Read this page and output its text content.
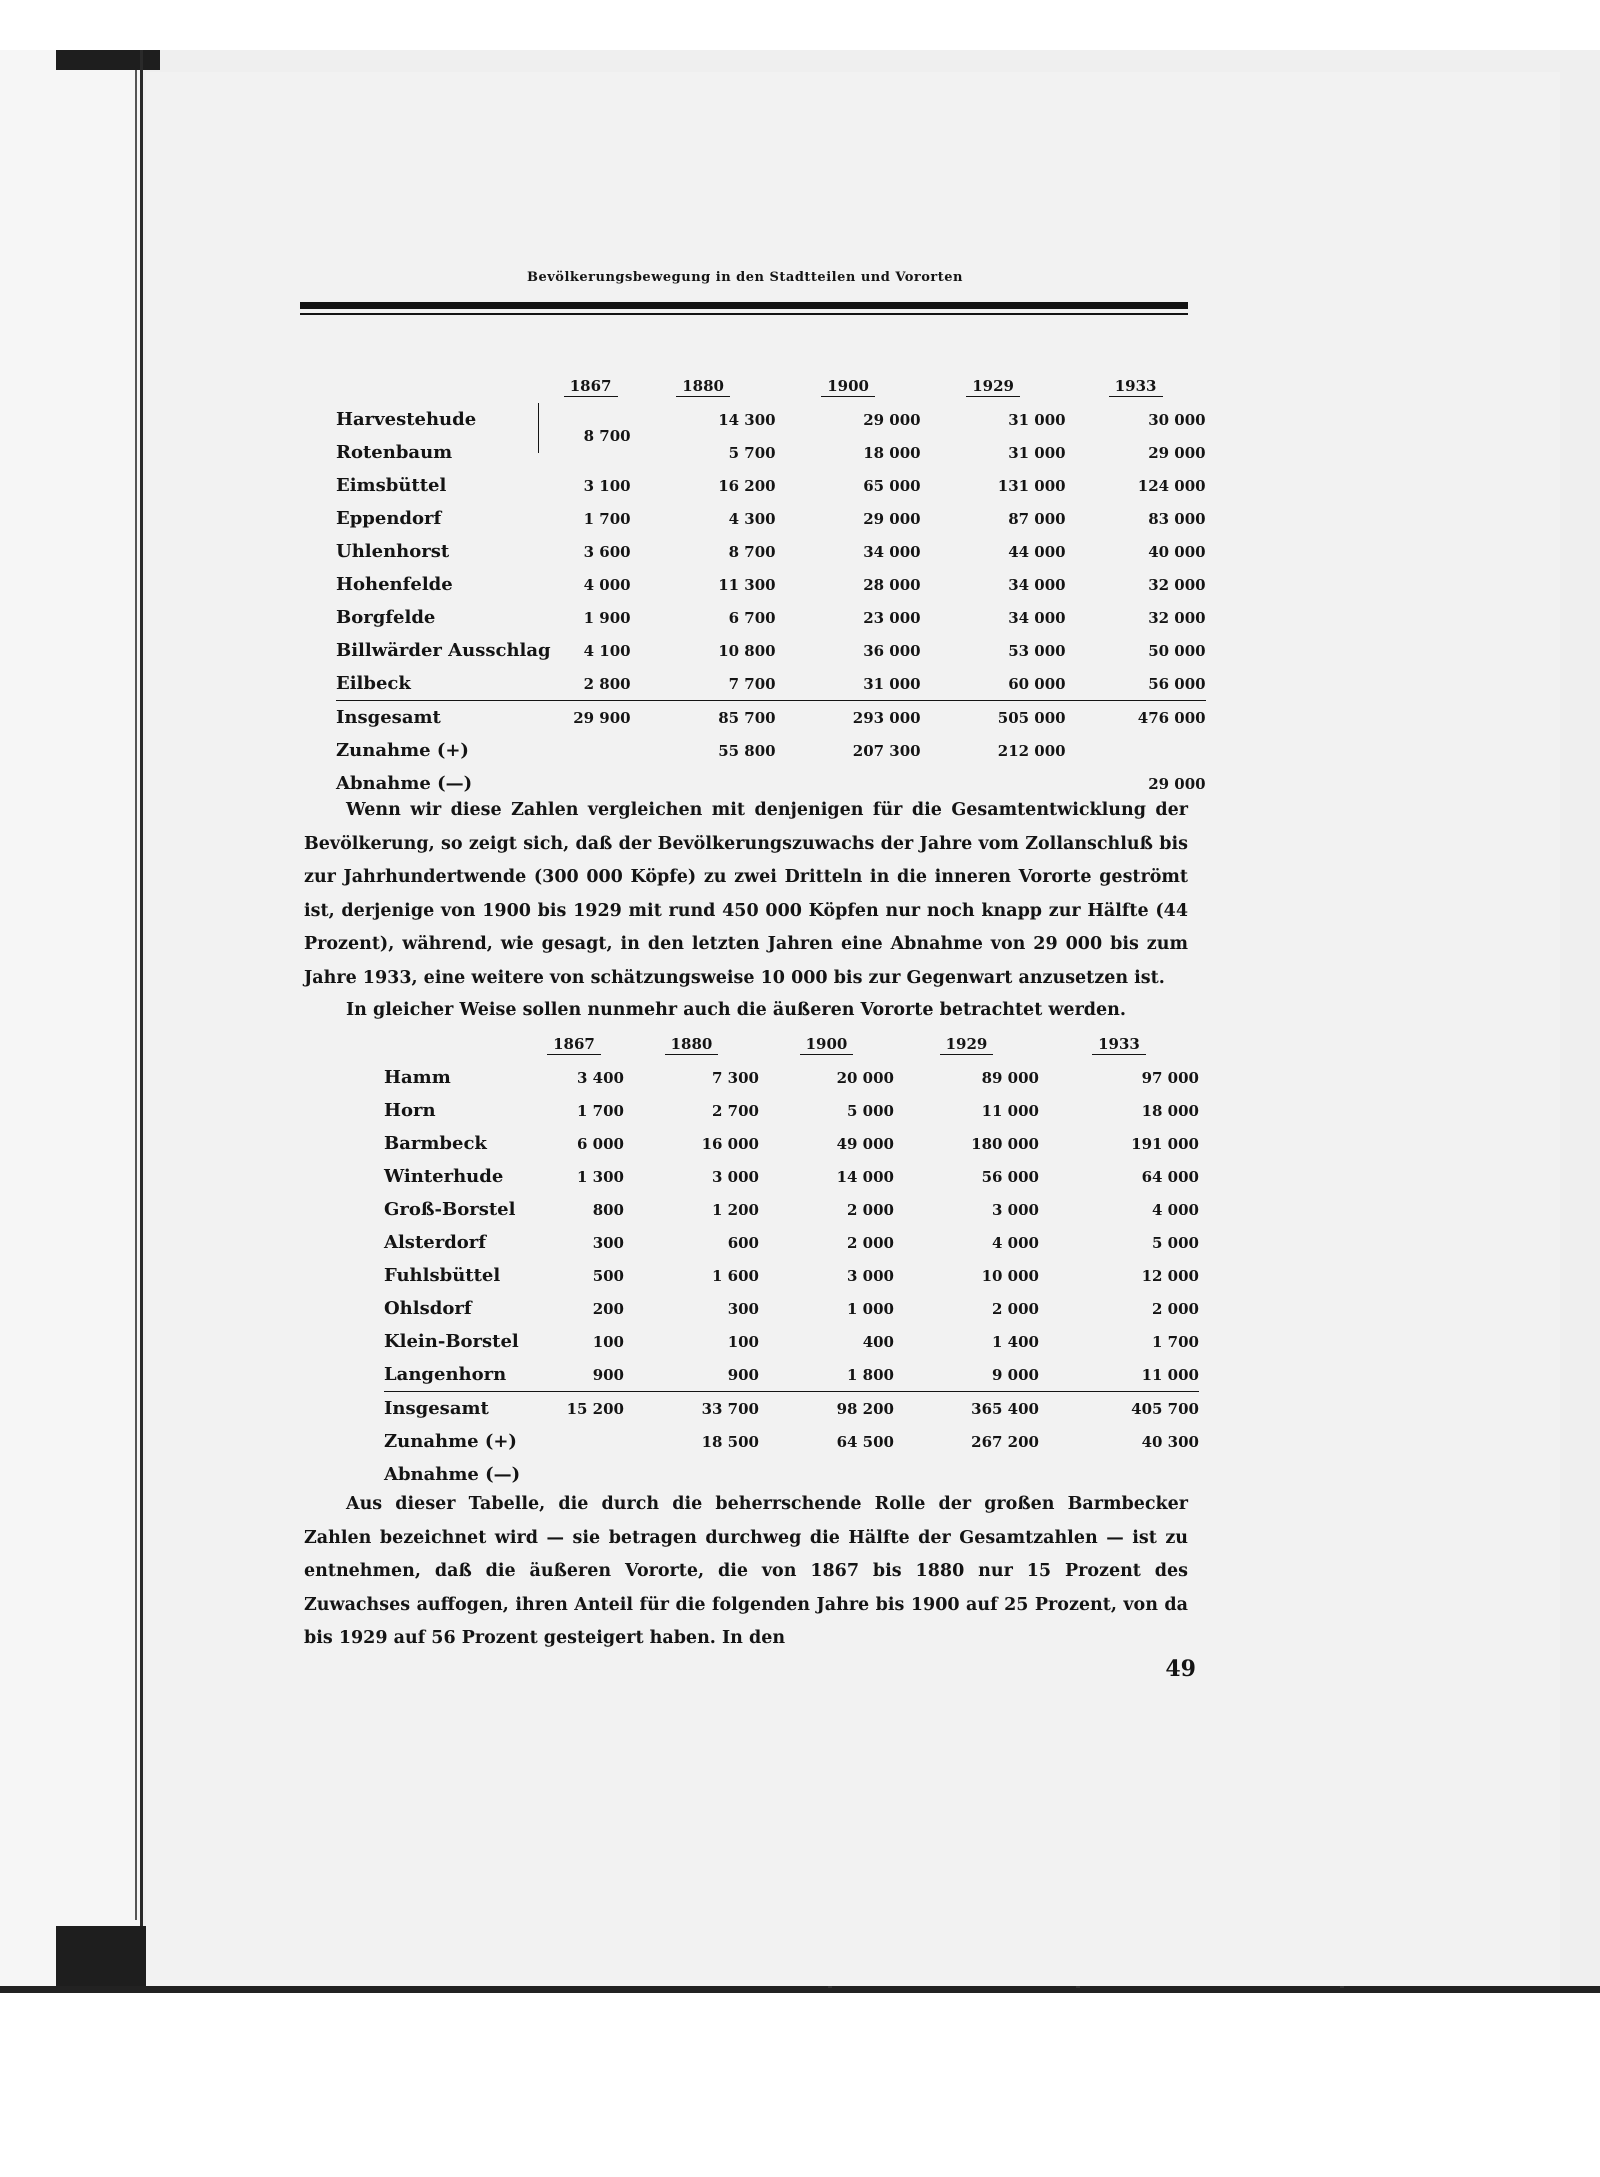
Bevölkerungsbewegung in den Stadtteilen und Vororten
	1867	1880	1900	1929	1933
Harvestehude	8 700	14 300	29 000	31 000	30 000
Rotenbaum		5 700	18 000	31 000	29 000
Eimsbüttel	3 100	16 200	65 000	131 000	124 000
Eppendorf	1 700	4 300	29 000	87 000	83 000
Uhlenhorst	3 600	8 700	34 000	44 000	40 000
Hohenfelde	4 000	11 300	28 000	34 000	32 000
Borgfelde	1 900	6 700	23 000	34 000	32 000
Billwärder Ausschlag	4 100	10 800	36 000	53 000	50 000
Eilbeck	2 800	7 700	31 000	60 000	56 000
Insgesamt	29 900	85 700	293 000	505 000	476 000
Zunahme (+)		55 800	207 300	212 000	
Abnahme (—)					29 000

Wenn wir diese Zahlen vergleichen mit denjenigen für die Gesamtentwicklung der Bevölkerung, so zeigt sich, daß der Bevölkerungszuwachs der Jahre vom Zollanschluß bis zur Jahrhundertwende (300 000 Köpfe) zu zwei Dritteln in die inneren Vororte geströmt ist, derjenige von 1900 bis 1929 mit rund 450 000 Köpfen nur noch knapp zur Hälfte (44 Prozent), während, wie gesagt, in den letzten Jahren eine Abnahme von 29 000 bis zum Jahre 1933, eine weitere von schätzungsweise 10 000 bis zur Gegenwart anzusetzen ist.

In gleicher Weise sollen nunmehr auch die äußeren Vororte betrachtet werden.

	1867	1880	1900	1929	1933
Hamm	3 400	7 300	20 000	89 000	97 000
Horn	1 700	2 700	5 000	11 000	18 000
Barmbeck	6 000	16 000	49 000	180 000	191 000
Winterhude	1 300	3 000	14 000	56 000	64 000
Groß-Borstel	800	1 200	2 000	3 000	4 000
Alsterdorf	300	600	2 000	4 000	5 000
Fuhlsbüttel	500	1 600	3 000	10 000	12 000
Ohlsdorf	200	300	1 000	2 000	2 000
Klein-Borstel	100	100	400	1 400	1 700
Langenhorn	900	900	1 800	9 000	11 000
Insgesamt	15 200	33 700	98 200	365 400	405 700
Zunahme (+)		18 500	64 500	267 200	40 300
Abnahme (—)					

Aus dieser Tabelle, die durch die beherrschende Rolle der großen Barmbecker Zahlen bezeichnet wird — sie betragen durchweg die Hälfte der Gesamtzahlen — ist zu entnehmen, daß die äußeren Vororte, die von 1867 bis 1880 nur 15 Prozent des Zuwachses auffogen, ihren Anteil für die folgenden Jahre bis 1900 auf 25 Prozent, von da bis 1929 auf 56 Prozent gesteigert haben. In den

49
